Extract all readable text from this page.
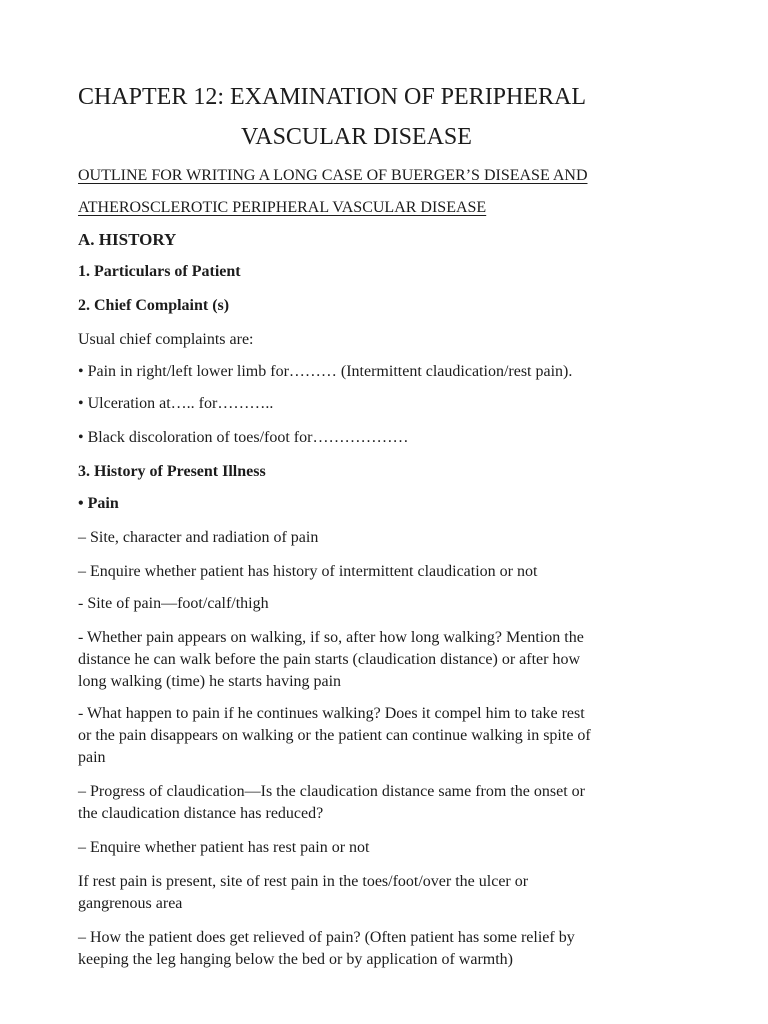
CHAPTER 12: EXAMINATION OF PERIPHERAL
VASCULAR DISEASE
OUTLINE FOR WRITING A LONG CASE OF BUERGER’S DISEASE AND
ATHEROSCLEROTIC PERIPHERAL VASCULAR DISEASE
A. HISTORY
1. Particulars of Patient
2. Chief Complaint (s)
Usual chief complaints are:
• Pain in right/left lower limb for……… (Intermittent claudication/rest pain).
• Ulceration at….. for………..
• Black discoloration of toes/foot for………………
3. History of Present Illness
• Pain
– Site, character and radiation of pain
– Enquire whether patient has history of intermittent claudication or not
- Site of pain—foot/calf/thigh
- Whether pain appears on walking, if so, after how long walking? Mention the
distance he can walk before the pain starts (claudication distance) or after how
long walking (time) he starts having pain
- What happen to pain if he continues walking? Does it compel him to take rest
or the pain disappears on walking or the patient can continue walking in spite of
pain
– Progress of claudication—Is the claudication distance same from the onset or
the claudication distance has reduced?
– Enquire whether patient has rest pain or not
If rest pain is present, site of rest pain in the toes/foot/over the ulcer or
gangrenous area
– How the patient does get relieved of pain? (Often patient has some relief by
keeping the leg hanging below the bed or by application of warmth)
